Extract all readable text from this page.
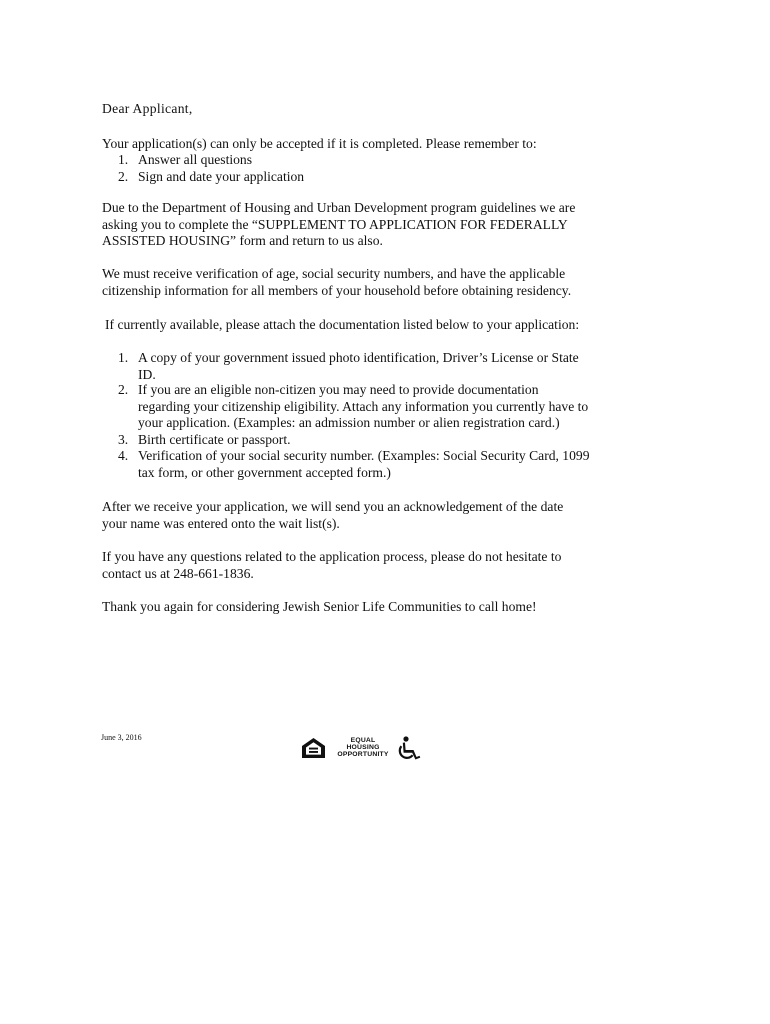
Dear Applicant,
Your application(s) can only be accepted if it is completed. Please remember to:
1. Answer all questions
2. Sign and date your application
Due to the Department of Housing and Urban Development program guidelines we are
asking you to complete the “SUPPLEMENT TO APPLICATION FOR FEDERALLY
ASSISTED HOUSING” form and return to us also.
We must receive verification of age, social security numbers, and have the applicable
citizenship information for all members of your household before obtaining residency.
If currently available, please attach the documentation listed below to your application:
1. A copy of your government issued photo identification, Driver’s License or State
ID.
2. If you are an eligible non-citizen you may need to provide documentation
regarding your citizenship eligibility. Attach any information you currently have to
your application. (Examples: an admission number or alien registration card.)
3. Birth certificate or passport.
4. Verification of your social security number. (Examples: Social Security Card, 1099
tax form, or other government accepted form.)
After we receive your application, we will send you an acknowledgement of the date
your name was entered onto the wait list(s).
If you have any questions related to the application process, please do not hesitate to
contact us at 248-661-1836.
Thank you again for considering Jewish Senior Life Communities to call home!
June 3, 2016	EQUAL
HOUSING
OPPORTUNITY
